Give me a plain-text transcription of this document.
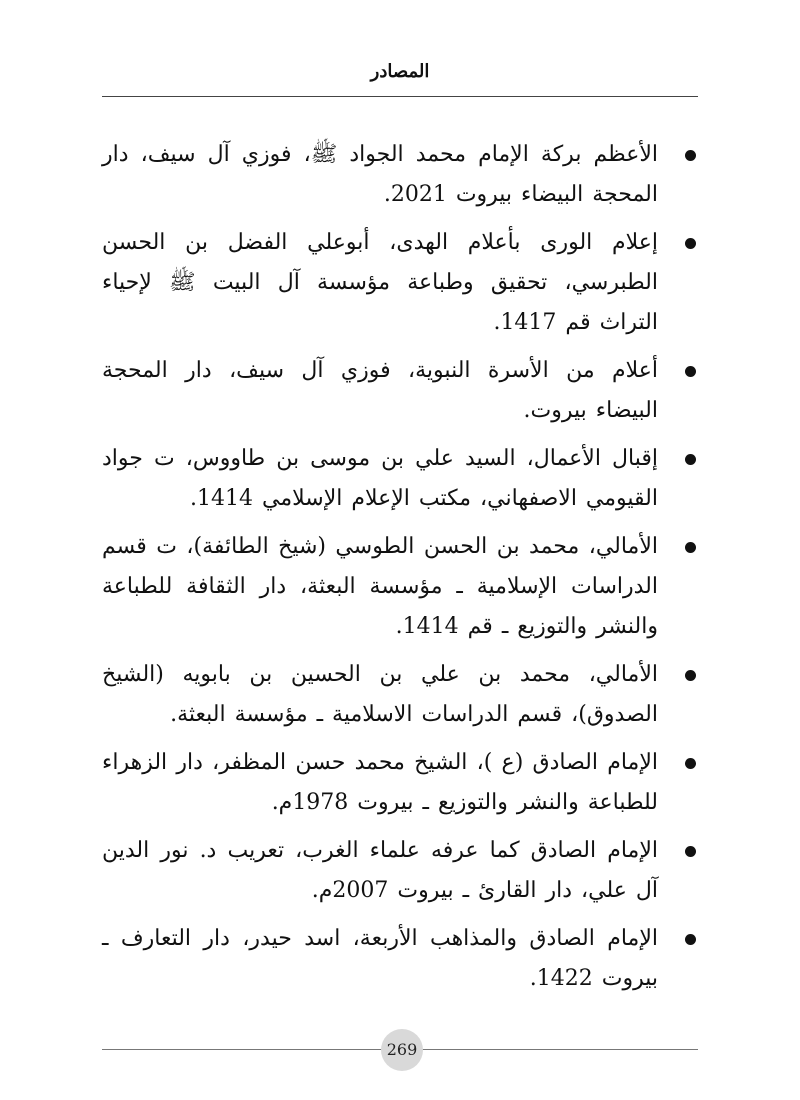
المصادر
الأعظم بركة الإمام محمد الجواد ﷺ، فوزي آل سيف، دار المحجة البيضاء بيروت 2021.
إعلام الورى بأعلام الهدى، أبوعلي الفضل بن الحسن الطبرسي، تحقيق وطباعة مؤسسة آل البيت ﷺ لإحياء التراث قم 1417.
أعلام من الأسرة النبوية، فوزي آل سيف، دار المحجة البيضاء بيروت.
إقبال الأعمال، السيد علي بن موسى بن طاووس، ت جواد القيومي الاصفهاني، مكتب الإعلام الإسلامي 1414.
الأمالي، محمد بن الحسن الطوسي (شيخ الطائفة)، ت قسم الدراسات الإسلامية ـ مؤسسة البعثة، دار الثقافة للطباعة والنشر والتوزيع ـ قم 1414.
الأمالي، محمد بن علي بن الحسين بن بابويه (الشيخ الصدوق)، قسم الدراسات الاسلامية ـ مؤسسة البعثة.
الإمام الصادق (ع )، الشيخ محمد حسن المظفر، دار الزهراء للطباعة والنشر والتوزيع ـ بيروت 1978م.
الإمام الصادق كما عرفه علماء الغرب، تعريب د. نور الدين آل علي، دار القارئ ـ بيروت 2007م.
الإمام الصادق والمذاهب الأربعة، اسد حيدر، دار التعارف ـ بيروت 1422.
269
